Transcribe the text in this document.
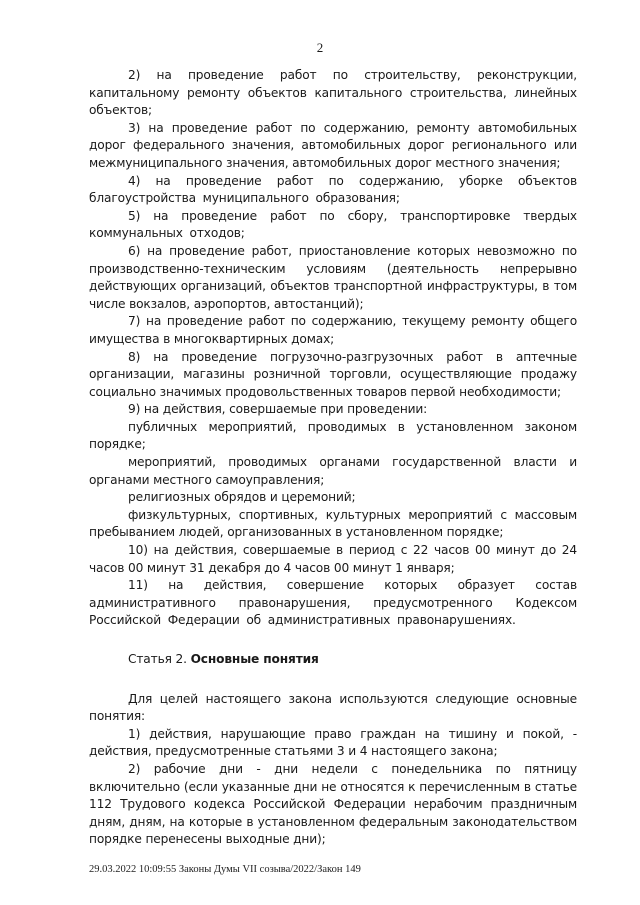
2

2) на проведение работ по строительству, реконструкции, капитальному ремонту объектов капитального строительства, линейных объектов;

3) на проведение работ по содержанию, ремонту автомобильных дорог федерального значения, автомобильных дорог регионального или межмуниципального значения, автомобильных дорог местного значения;

4) на проведение работ по содержанию, уборке объектов благоустройства муниципального образования;

5) на проведение работ по сбору, транспортировке твердых коммунальных отходов;

6) на проведение работ, приостановление которых невозможно по производственно-техническим условиям (деятельность непрерывно действующих организаций, объектов транспортной инфраструктуры, в том числе вокзалов, аэропортов, автостанций);

7) на проведение работ по содержанию, текущему ремонту общего имущества в многоквартирных домах;

8) на проведение погрузочно-разгрузочных работ в аптечные организации, магазины розничной торговли, осуществляющие продажу социально значимых продовольственных товаров первой необходимости;

9) на действия, совершаемые при проведении:

публичных мероприятий, проводимых в установленном законом порядке;

мероприятий, проводимых органами государственной власти и органами местного самоуправления;

религиозных обрядов и церемоний;

физкультурных, спортивных, культурных мероприятий с массовым пребыванием людей, организованных в установленном порядке;

10) на действия, совершаемые в период с 22 часов 00 минут до 24 часов 00 минут 31 декабря до 4 часов 00 минут 1 января;

11) на действия, совершение которых образует состав административного правонарушения, предусмотренного Кодексом Российской Федерации об административных правонарушениях.

Статья 2. Основные понятия

Для целей настоящего закона используются следующие основные понятия:

1) действия, нарушающие право граждан на тишину и покой, - действия, предусмотренные статьями 3 и 4 настоящего закона;

2) рабочие дни - дни недели с понедельника по пятницу включительно (если указанные дни не относятся к перечисленным в статье 112 Трудового кодекса Российской Федерации нерабочим праздничным дням, дням, на которые в установленном федеральным законодательством порядке перенесены выходные дни);

29.03.2022 10:09:55 Законы Думы VII созыва/2022/Закон 149
